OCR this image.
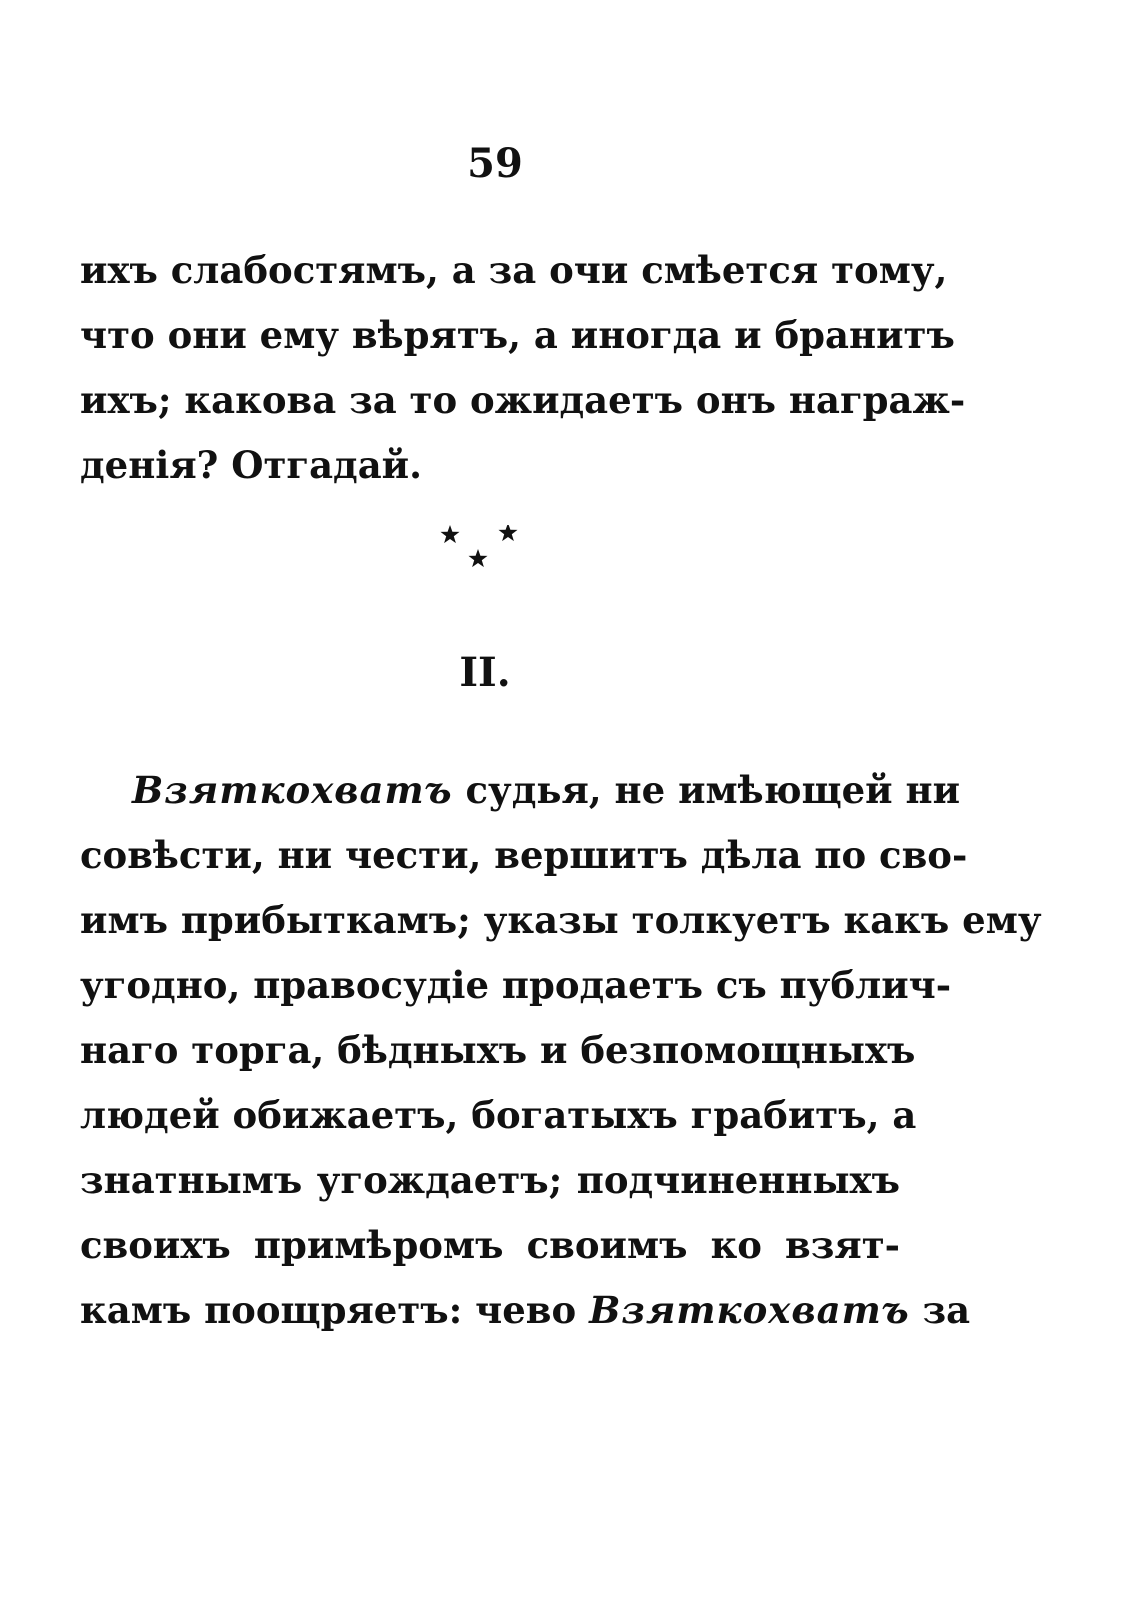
59
ихъ слабостямъ, а за очи смѣется тому,
что они ему вѣрятъ, а иногда и бранитъ
ихъ; какова за то ожидаетъ онъ награж-
денія? Отгадай.
II.
Взяткохватъ судья, не имѣющей ни
совѣсти, ни чести, вершитъ дѣла по сво-
имъ прибыткамъ; указы толкуетъ какъ ему
угодно, правосудіе продаетъ съ публич-
наго торга, бѣдныхъ и безпомощныхъ
людей обижаетъ, богатыхъ грабитъ, а
знатнымъ угождаетъ; подчиненныхъ
своихъ примѣромъ своимъ ко взят-
камъ поощряетъ: чево Взяткохватъ за
